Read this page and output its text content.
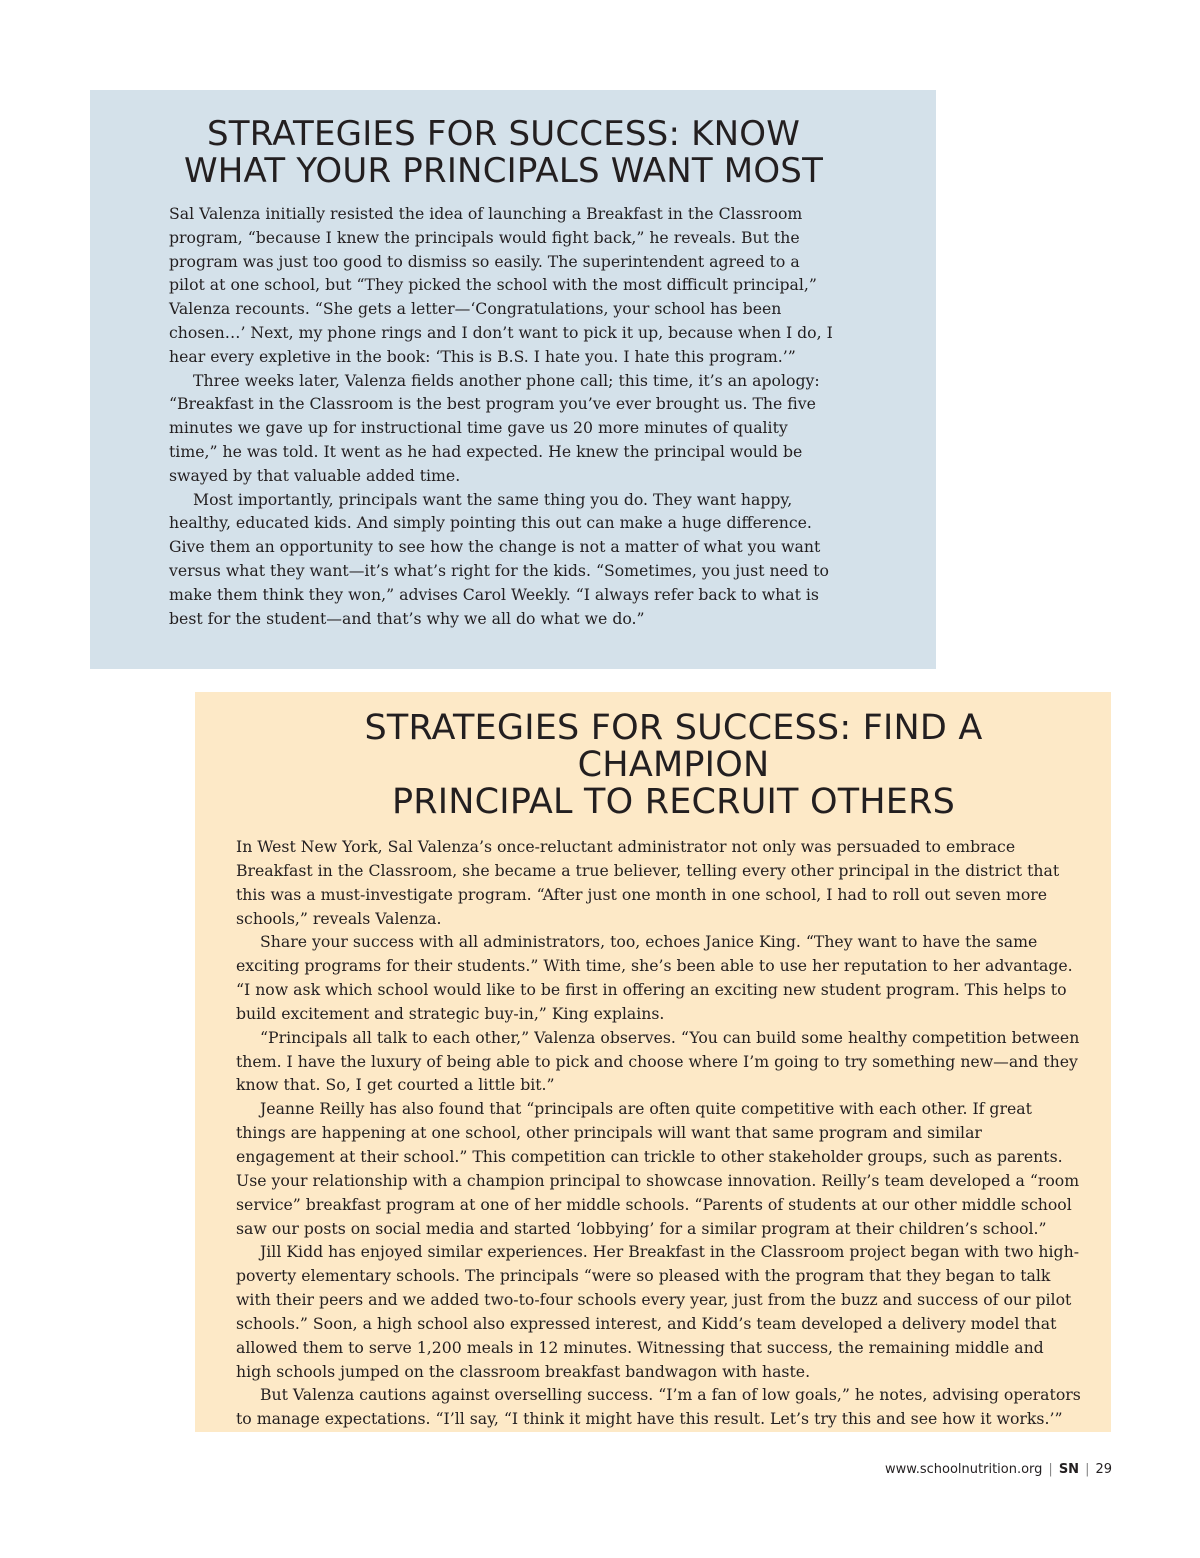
STRATEGIES FOR SUCCESS: KNOW
WHAT YOUR PRINCIPALS WANT MOST

Sal Valenza initially resisted the idea of launching a Breakfast in the Classroom program, “because I knew the principals would fight back,” he reveals. But the program was just too good to dismiss so easily. The superintendent agreed to a pilot at one school, but “They picked the school with the most difficult principal,” Valenza recounts. “She gets a letter—‘Congratulations, your school has been chosen…’ Next, my phone rings and I don’t want to pick it up, because when I do, I hear every expletive in the book: ‘This is B.S. I hate you. I hate this program.’”

Three weeks later, Valenza fields another phone call; this time, it’s an apology: “Breakfast in the Classroom is the best program you’ve ever brought us. The five minutes we gave up for instructional time gave us 20 more minutes of quality time,” he was told. It went as he had expected. He knew the principal would be swayed by that valuable added time.

Most importantly, principals want the same thing you do. They want happy, healthy, educated kids. And simply pointing this out can make a huge difference. Give them an opportunity to see how the change is not a matter of what you want versus what they want—it’s what’s right for the kids. “Sometimes, you just need to make them think they won,” advises Carol Weekly. “I always refer back to what is best for the student—and that’s why we all do what we do.”

STRATEGIES FOR SUCCESS: FIND A CHAMPION
PRINCIPAL TO RECRUIT OTHERS

In West New York, Sal Valenza’s once-reluctant administrator not only was persuaded to embrace Breakfast in the Classroom, she became a true believer, telling every other principal in the district that this was a must-investigate program. “After just one month in one school, I had to roll out seven more schools,” reveals Valenza.

Share your success with all administrators, too, echoes Janice King. “They want to have the same exciting programs for their students.” With time, she’s been able to use her reputation to her advantage. “I now ask which school would like to be first in offering an exciting new student program. This helps to build excitement and strategic buy-in,” King explains.

“Principals all talk to each other,” Valenza observes. “You can build some healthy competition between them. I have the luxury of being able to pick and choose where I’m going to try something new—and they know that. So, I get courted a little bit.”

Jeanne Reilly has also found that “principals are often quite competitive with each other. If great things are happening at one school, other principals will want that same program and similar engagement at their school.” This competition can trickle to other stakeholder groups, such as parents. Use your relationship with a champion principal to showcase innovation. Reilly’s team developed a “room service” breakfast program at one of her middle schools. “Parents of students at our other middle school saw our posts on social media and started ‘lobbying’ for a similar program at their children’s school.”

Jill Kidd has enjoyed similar experiences. Her Breakfast in the Classroom project began with two high-poverty elementary schools. The principals “were so pleased with the program that they began to talk with their peers and we added two-to-four schools every year, just from the buzz and success of our pilot schools.” Soon, a high school also expressed interest, and Kidd’s team developed a delivery model that allowed them to serve 1,200 meals in 12 minutes. Witnessing that success, the remaining middle and high schools jumped on the classroom breakfast bandwagon with haste.

But Valenza cautions against overselling success. “I’m a fan of low goals,” he notes, advising operators to manage expectations. “I’ll say, “I think it might have this result. Let’s try this and see how it works.’”

www.schoolnutrition.org | SN | 29
